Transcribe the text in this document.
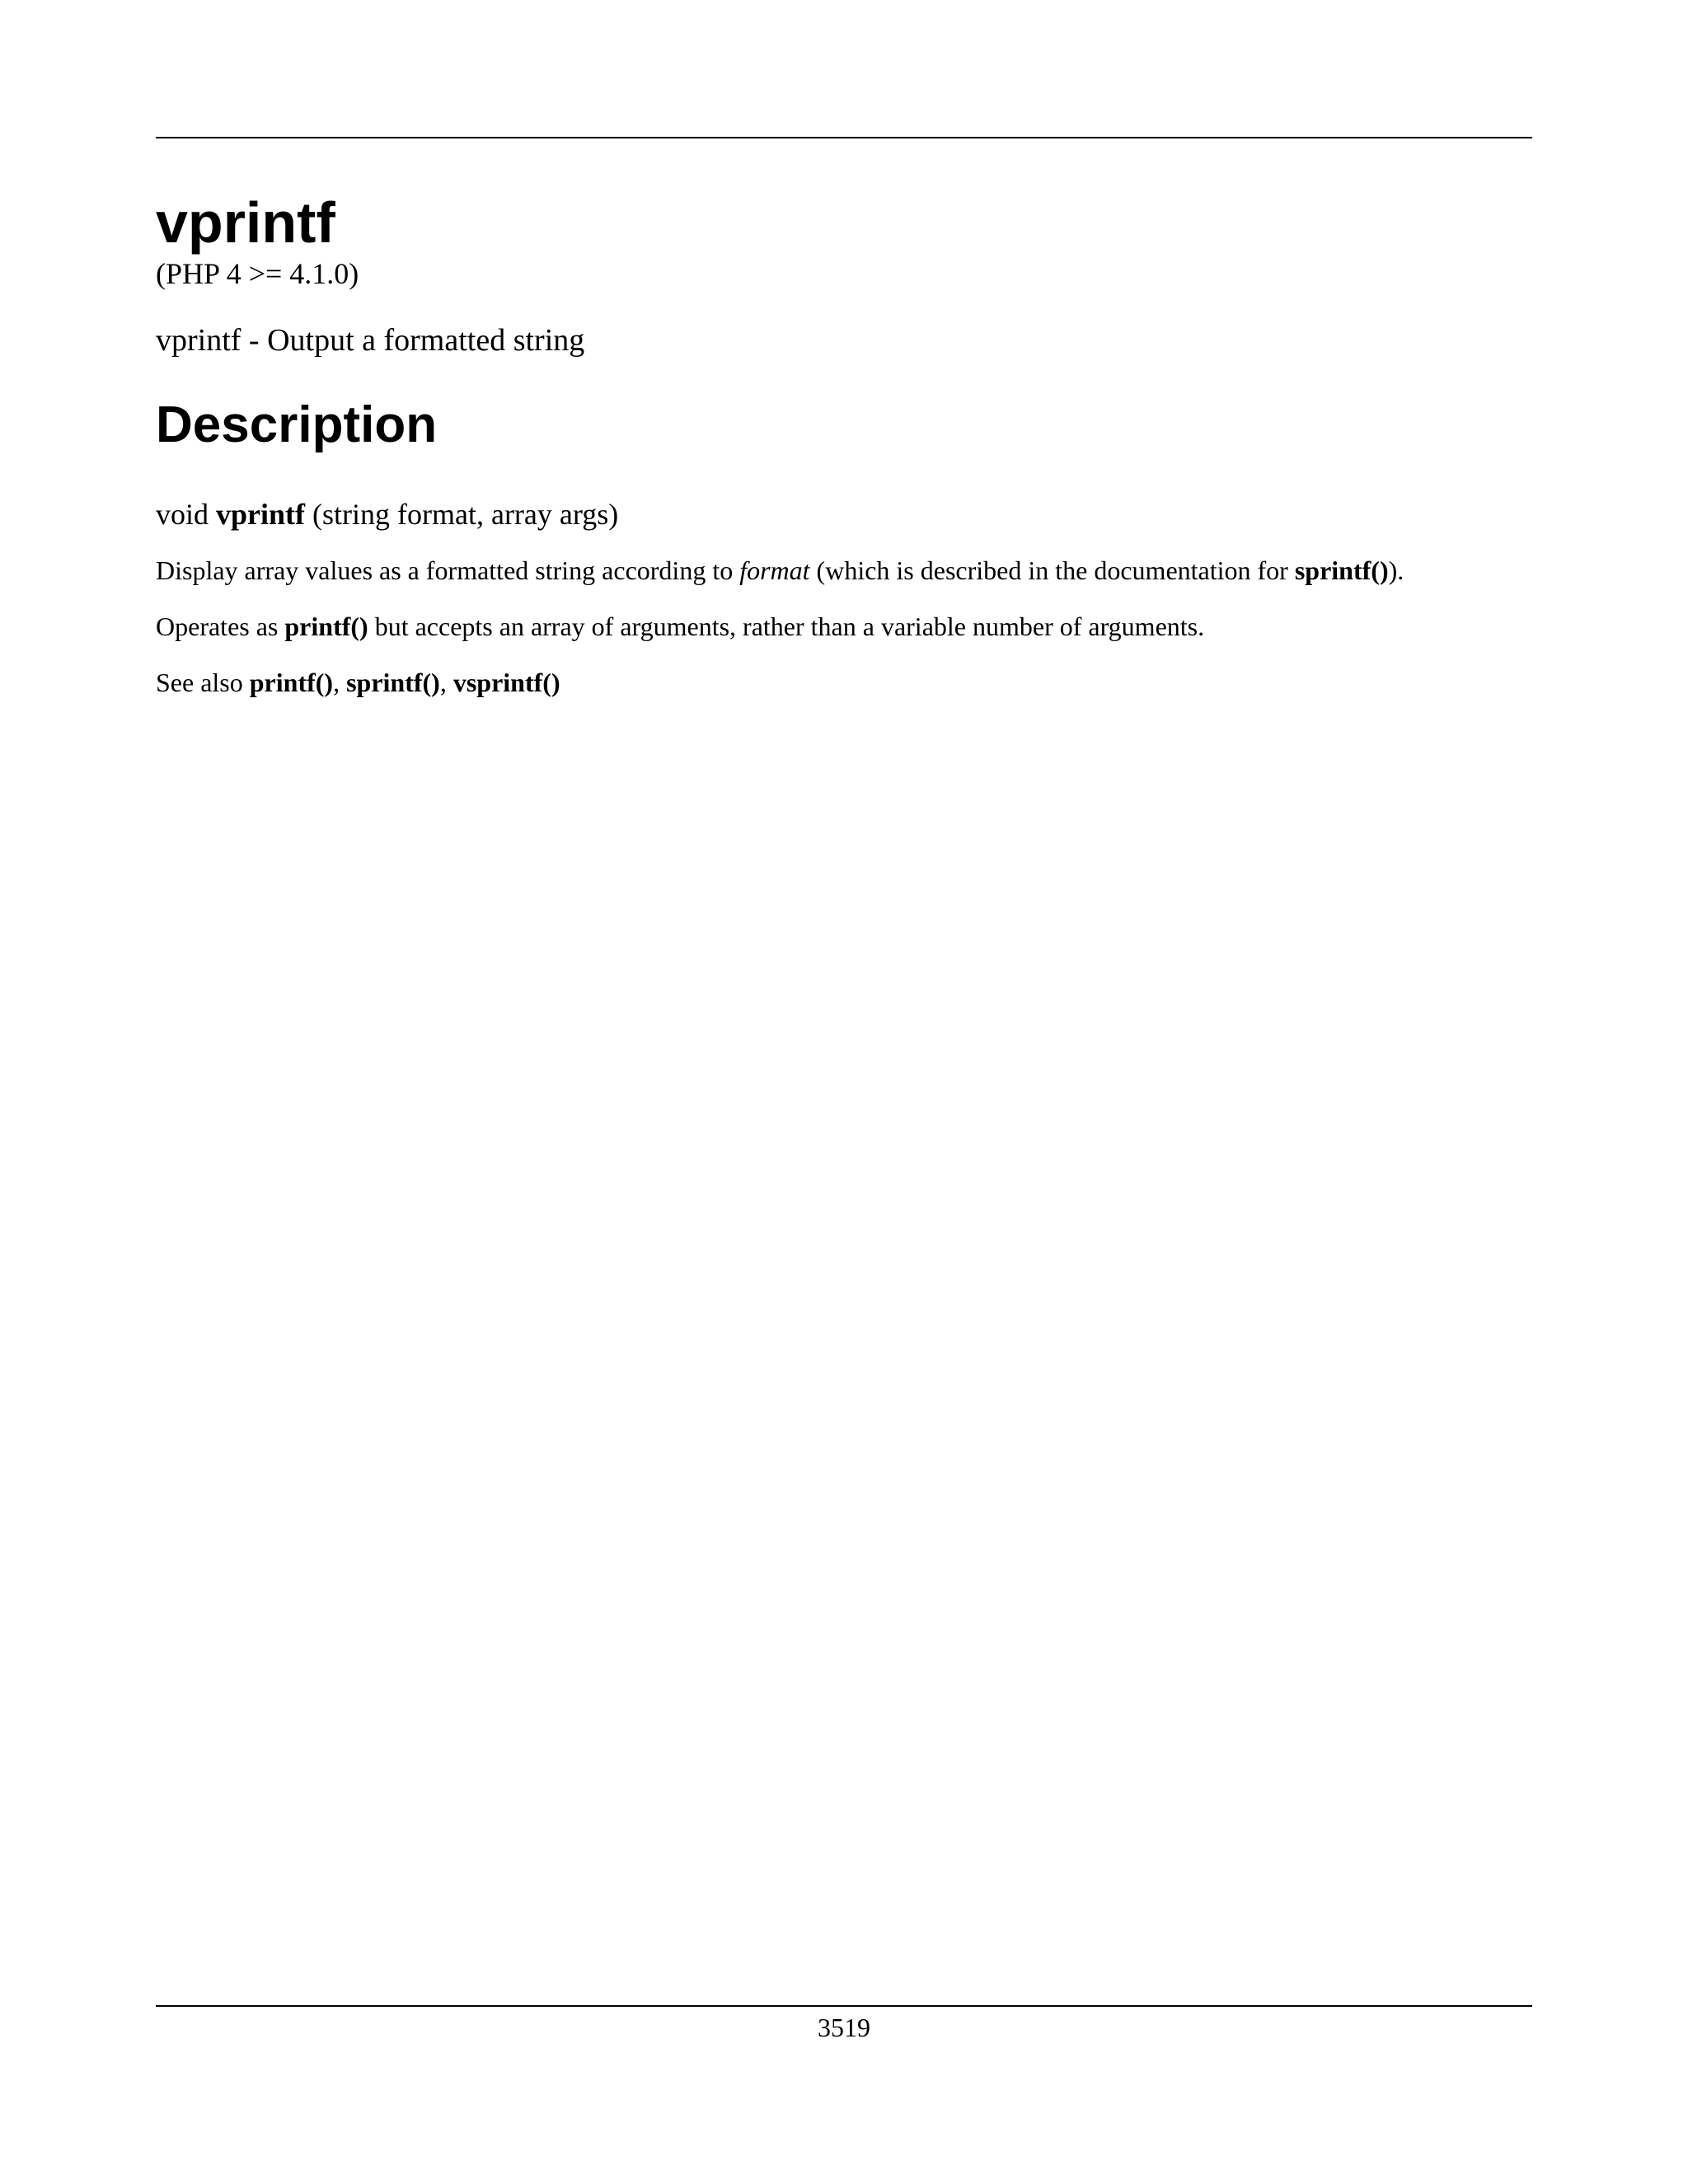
vprintf

(PHP 4 >= 4.1.0)

vprintf - Output a formatted string

Description

void vprintf (string format, array args)

Display array values as a formatted string according to format (which is described in the documentation for sprintf()).

Operates as printf() but accepts an array of arguments, rather than a variable number of arguments.

See also printf(), sprintf(), vsprintf()

3519
